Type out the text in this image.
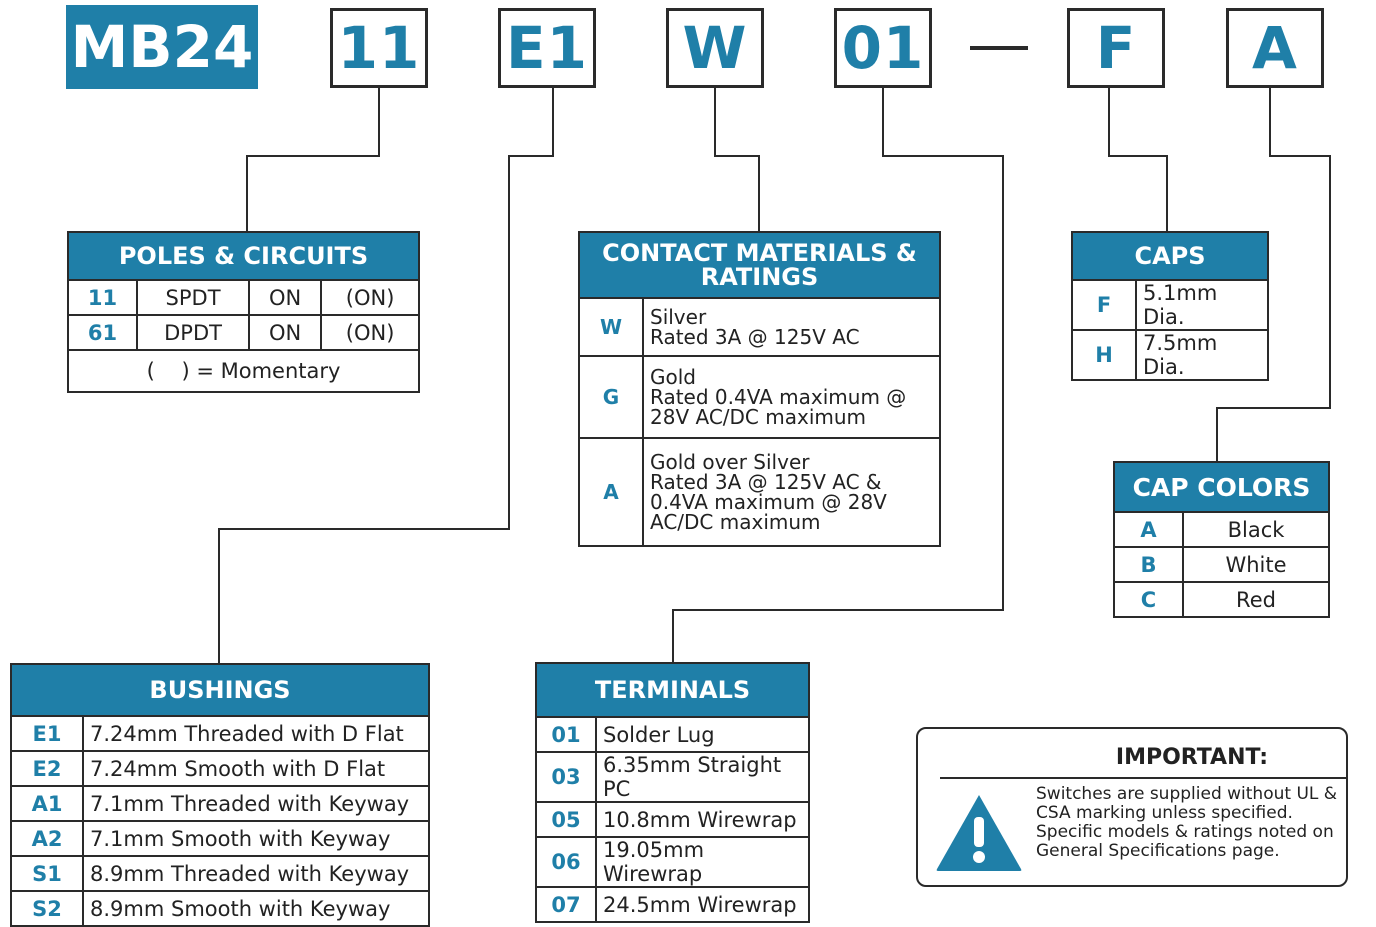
MB24 11 E1 W 01	F	A
POLES & CIRCUITS			
11	SPDT	ON	(ON)
61	DPDT	ON	(ON)
(    ) = Momentary			
CONTACT MATERIALS & RATINGS	
W	Silver
Rated 3A @ 125V AC
G	Gold
Rated 0.4VA maximum @ 28V AC/DC maximum
A	Gold over Silver
Rated 3A @ 125V AC & 0.4VA maximum @ 28V AC/DC maximum
CAPS	
F	5.1mm Dia.
H	7.5mm Dia.
CAP COLORS	
A	Black
B	White
C	Red
BUSHINGS	
E1	7.24mm Threaded with D Flat
E2	7.24mm Smooth with D Flat
A1	7.1mm Threaded with Keyway
A2	7.1mm Smooth with Keyway
S1	8.9mm Threaded with Keyway
S2	8.9mm Smooth with Keyway
TERMINALS	
01	Solder Lug
03	6.35mm Straight PC
05	10.8mm Wirewrap
06	19.05mm Wirewrap
07	24.5mm Wirewrap
IMPORTANT:
Switches are supplied without UL & CSA marking unless specified. Specific models & ratings noted on General Specifications page.
